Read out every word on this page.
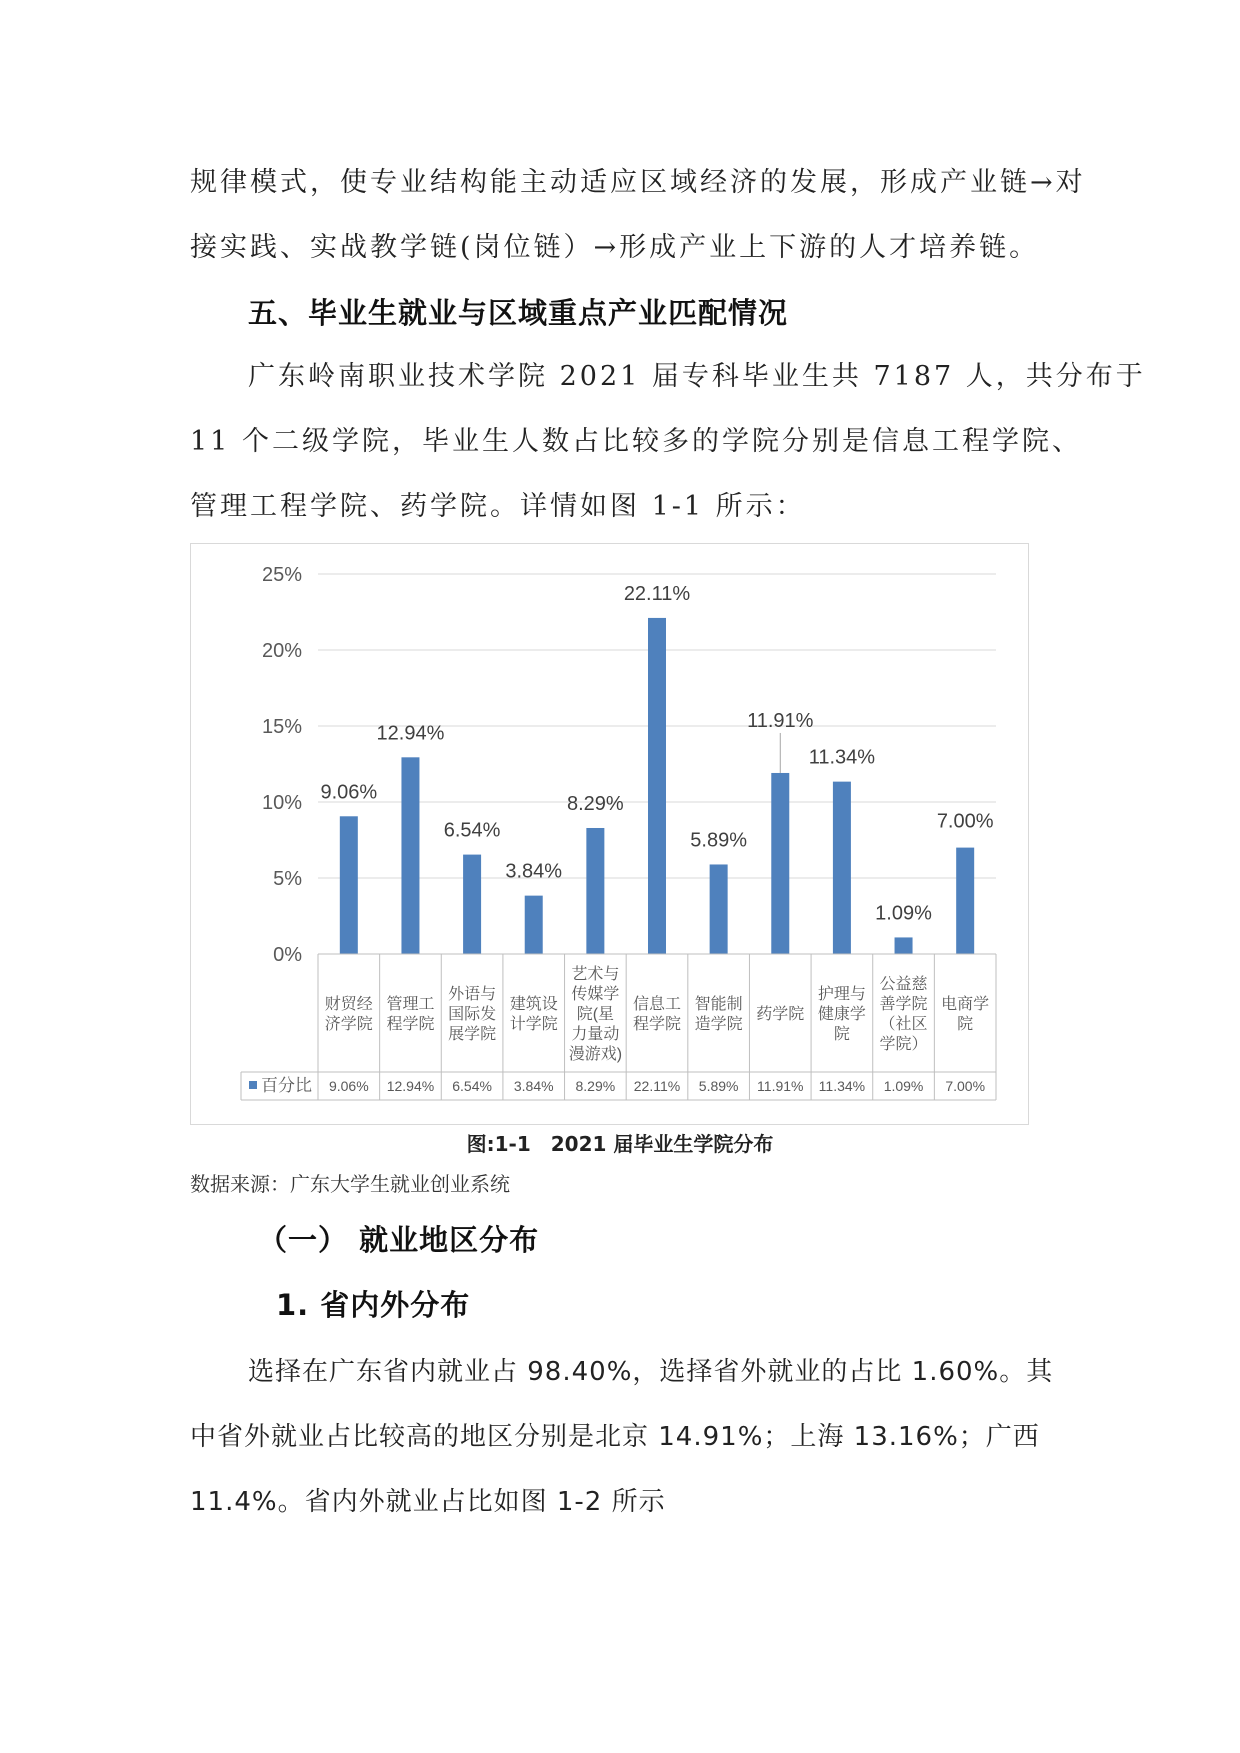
规律模式，使专业结构能主动适应区域经济的发展，形成产业链→对
接实践、实战教学链(岗位链）→形成产业上下游的人才培养链。
五、毕业生就业与区域重点产业匹配情况
广东岭南职业技术学院 2021 届专科毕业生共 7187 人，共分布于
11 个二级学院，毕业生人数占比较多的学院分别是信息工程学院、
管理工程学院、药学院。详情如图 1-1 所示：
0%
5%
10%
15%
20%
25%
9.06%
12.94%
6.54%
3.84%
8.29%
22.11%
5.89%
11.91%
11.34%
1.09%
7.00%
财贸经
济学院
管理工
程学院
外语与
国际发
展学院
建筑设
计学院
艺术与
传媒学
院(星
力量动
漫游戏)
信息工
程学院
智能制
造学院
药学院
护理与
健康学
院
公益慈
善学院
（社区
学院）
电商学
院
百分比 9.06% 12.94% 6.54% 3.84% 8.29% 22.11% 5.89% 11.91% 11.34% 1.09% 7.00%
图:1-1　2021 届毕业生学院分布
数据来源：广东大学生就业创业系统
（一） 就业地区分布
1. 省内外分布
选择在广东省内就业占 98.40%，选择省外就业的占比 1.60%。其
中省外就业占比较高的地区分别是北京 14.91%；上海 13.16%；广西
11.4%。省内外就业占比如图 1-2 所示
